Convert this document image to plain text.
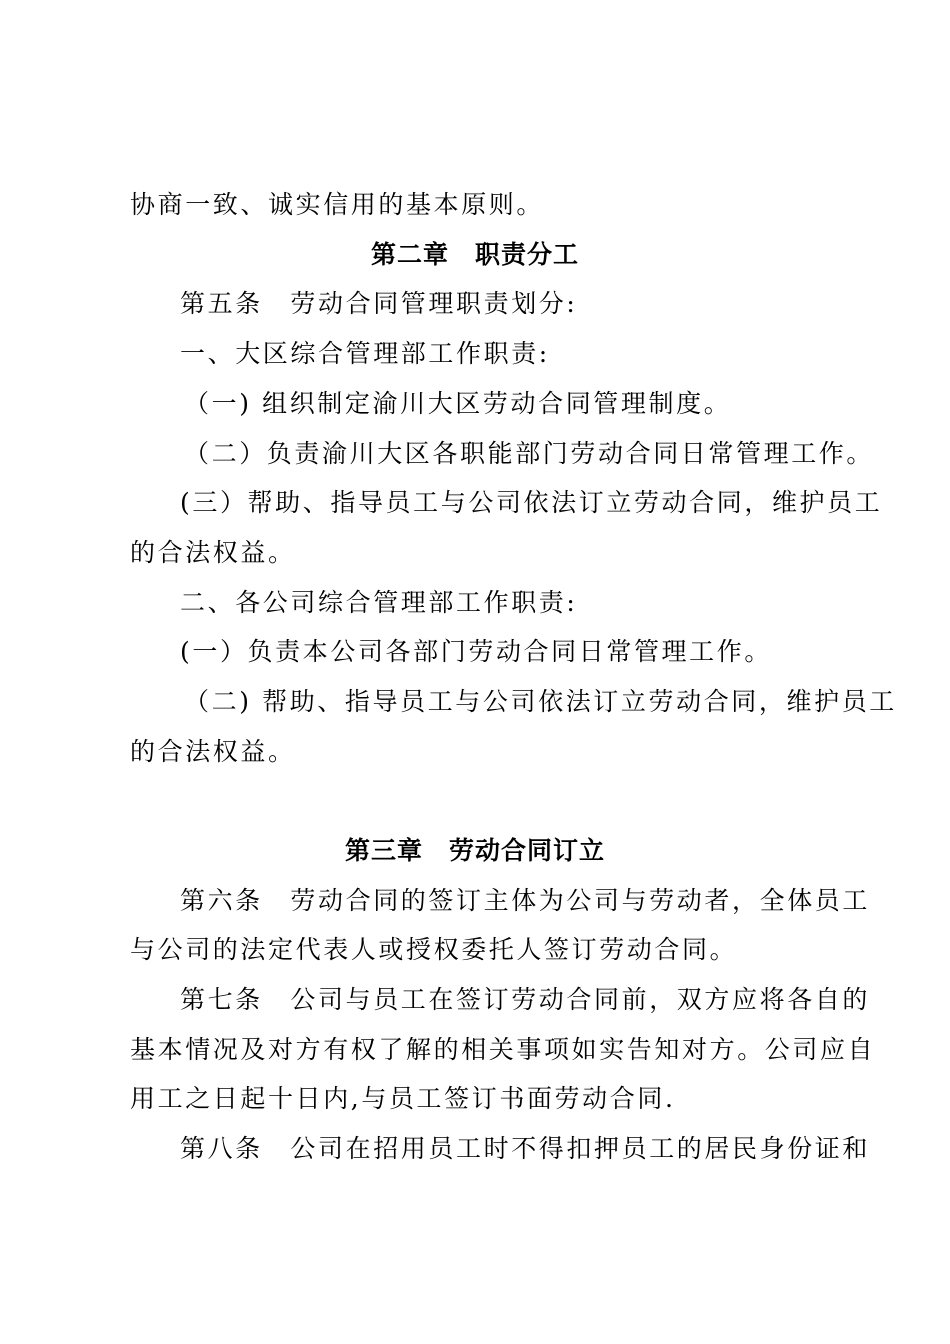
协商一致、诚实信用的基本原则。
第二章　职责分工
第五条　劳动合同管理职责划分:
一、大区综合管理部工作职责:
（一) 组织制定渝川大区劳动合同管理制度。
（二）负责渝川大区各职能部门劳动合同日常管理工作。
(三）帮助、指导员工与公司依法订立劳动合同，维护员工
的合法权益。
二、各公司综合管理部工作职责:
(一）负责本公司各部门劳动合同日常管理工作。
（二) 帮助、指导员工与公司依法订立劳动合同，维护员工
的合法权益。
第三章　劳动合同订立
第六条　劳动合同的签订主体为公司与劳动者，全体员工
与公司的法定代表人或授权委托人签订劳动合同。
第七条　公司与员工在签订劳动合同前，双方应将各自的
基本情况及对方有权了解的相关事项如实告知对方。公司应自
用工之日起十日内,与员工签订书面劳动合同.
第八条　公司在招用员工时不得扣押员工的居民身份证和
